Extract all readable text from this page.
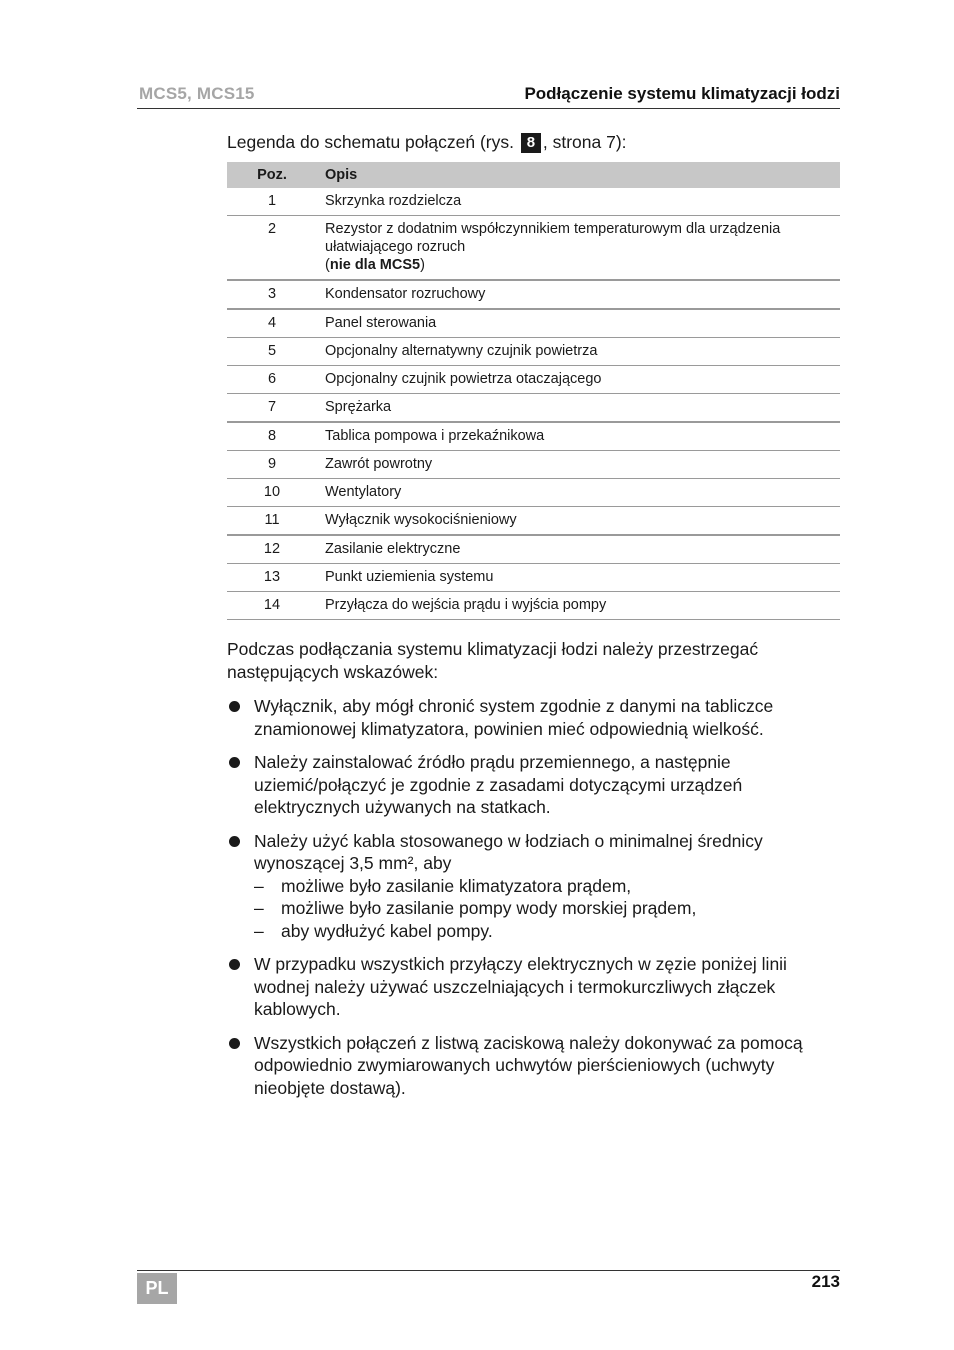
MCS5, MCS15	Podłączenie systemu klimatyzacji łodzi
Legenda do schematu połączeń (rys. 8 , strona 7):
Poz.	Opis
1	Skrzynka rozdzielcza
2	Rezystor z dodatnim współczynnikiem temperaturowym dla urządzenia ułatwiającego rozruch
(nie dla MCS5)
3	Kondensator rozruchowy
4	Panel sterowania
5	Opcjonalny alternatywny czujnik powietrza
6	Opcjonalny czujnik powietrza otaczającego
7	Sprężarka
8	Tablica pompowa i przekaźnikowa
9	Zawrót powrotny
10	Wentylatory
11	Wyłącznik wysokociśnieniowy
12	Zasilanie elektryczne
13	Punkt uziemienia systemu
14	Przyłącza do wejścia prądu i wyjścia pompy

Podczas podłączania systemu klimatyzacji łodzi należy przestrzegać następujących wskazówek:

Wyłącznik, aby mógł chronić system zgodnie z danymi na tabliczce znamionowej klimatyzatora, powinien mieć odpowiednią wielkość.
Należy zainstalować źródło prądu przemiennego, a następnie uziemić/połączyć je zgodnie z zasadami dotyczącymi urządzeń elektrycznych używanych na statkach.
Należy użyć kabla stosowanego w łodziach o minimalnej średnicy wynoszącej 3,5 mm², aby
– możliwe było zasilanie klimatyzatora prądem,
– możliwe było zasilanie pompy wody morskiej prądem,
– aby wydłużyć kabel pompy.
W przypadku wszystkich przyłączy elektrycznych w zęzie poniżej linii wodnej należy używać uszczelniających i termokurczliwych złączek kablowych.
Wszystkich połączeń z listwą zaciskową należy dokonywać za pomocą odpowiednio zwymiarowanych uchwytów pierścieniowych (uchwyty nieobjęte dostawą).
PL	213
